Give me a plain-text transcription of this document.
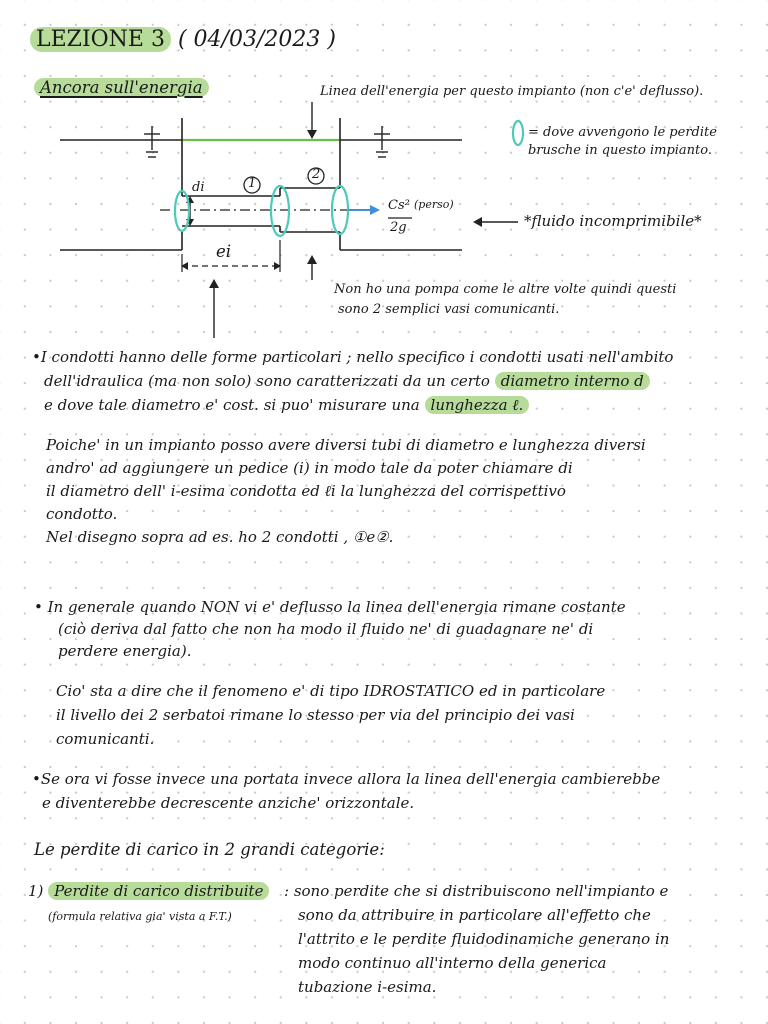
LEZIONE 3 ( 04/03/2023 )
Ancora sull'energia	Linea dell'energia per questo impianto (non c'e' deflusso).
= dove avvengono le perdite brusche in questo impianto.
1
2
di
ei
Cs²
2g
(perso)
*fluido incomprimibile*
Non ho una pompa come le altre volte quindi questi
sono 2 semplici vasi comunicanti.
•I condotti hanno delle forme particolari ; nello specifico i condotti usati nell'ambito
dell'idraulica (ma non solo) sono caratterizzati da un certo diametro interno d
e dove tale diametro e' cost. si puo' misurare una lunghezza ℓ.
Poiche' in un impianto posso avere diversi tubi di diametro e lunghezza diversi
andro' ad aggiungere un pedice (i) in modo tale da poter chiamare di
il diametro dell' i-esima condotta ed ℓi la lunghezza del corrispettivo
condotto.
Nel disegno sopra ad es. ho 2 condotti , ①e②.
• In generale quando NON vi e' deflusso la linea dell'energia rimane costante
(ciò deriva dal fatto che non ha modo il fluido ne' di guadagnare ne' di
perdere energia).
Cio' sta a dire che il fenomeno e' di tipo IDROSTATICO ed in particolare
il livello dei 2 serbatoi rimane lo stesso per via del principio dei vasi
comunicanti.
•Se ora vi fosse invece una portata invece allora la linea dell'energia cambierebbe
e diventerebbe decrescente anziche' orizzontale.
Le perdite di carico in 2 grandi categorie:
1) Perdite di carico distribuite
(formula relativa gia' vista a F.T.)
: sono perdite che si distribuiscono nell'impianto e
sono da attribuire in particolare all'effetto che
l'attrito e le perdite fluidodinamiche generano in
modo continuo all'interno della generica
tubazione i-esima.
